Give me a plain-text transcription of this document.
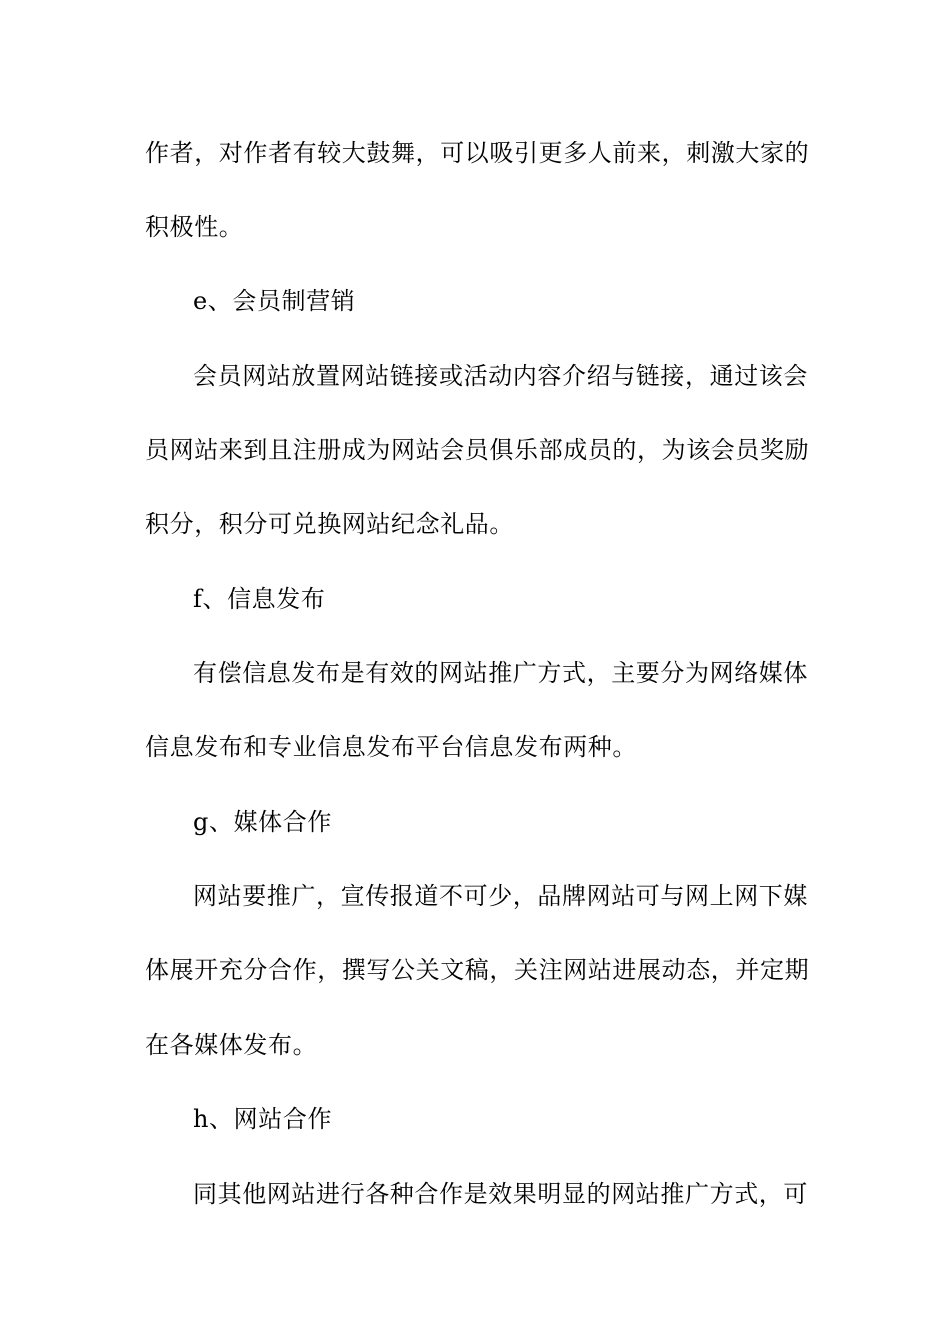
作者，对作者有较大鼓舞，可以吸引更多人前来，刺激大家的
积极性。
e、会员制营销
会员网站放置网站链接或活动内容介绍与链接，通过该会
员网站来到且注册成为网站会员俱乐部成员的，为该会员奖励
积分，积分可兑换网站纪念礼品。
f、信息发布
有偿信息发布是有效的网站推广方式，主要分为网络媒体
信息发布和专业信息发布平台信息发布两种。
g、媒体合作
网站要推广，宣传报道不可少，品牌网站可与网上网下媒
体展开充分合作，撰写公关文稿，关注网站进展动态，并定期
在各媒体发布。
h、网站合作
同其他网站进行各种合作是效果明显的网站推广方式，可
